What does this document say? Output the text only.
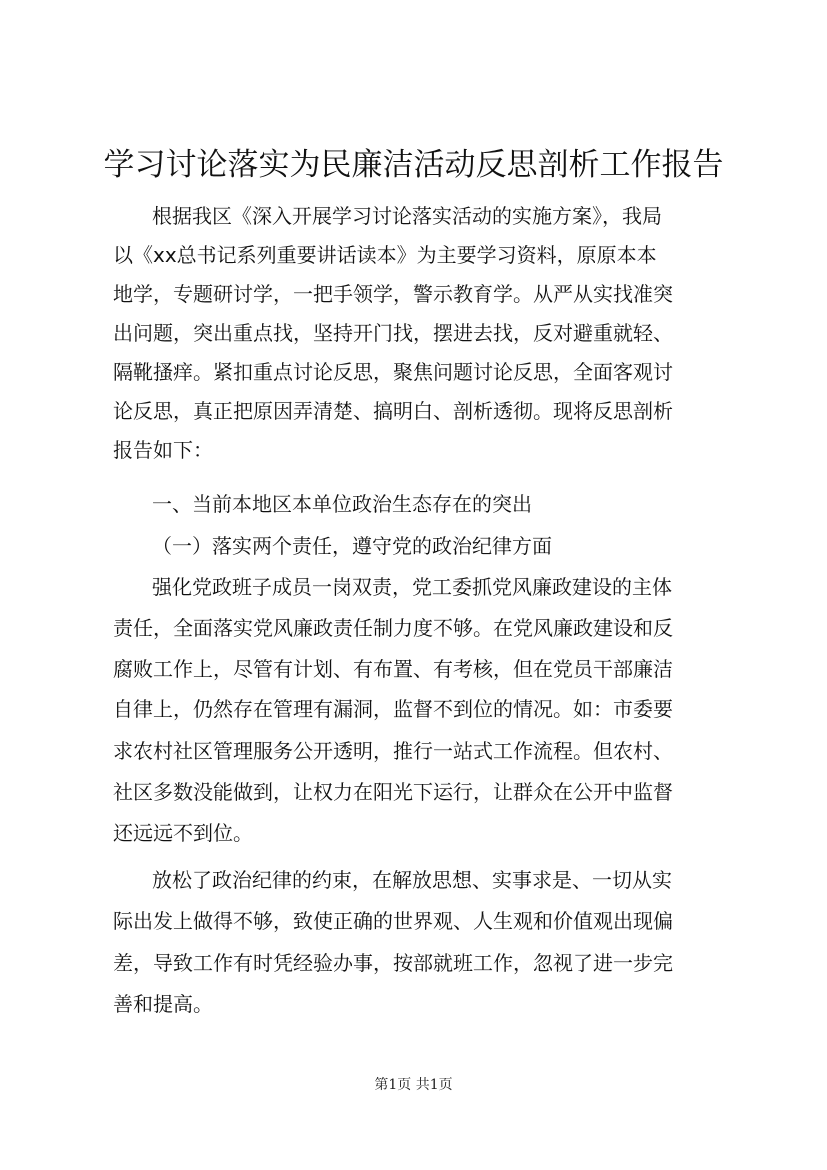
学习讨论落实为民廉洁活动反思剖析工作报告
根据我区《深入开展学习讨论落实活动的实施方案》，我局
以《xx总书记系列重要讲话读本》为主要学习资料，原原本本
地学，专题研讨学，一把手领学，警示教育学。从严从实找准突
出问题，突出重点找，坚持开门找，摆进去找，反对避重就轻、
隔靴搔痒。紧扣重点讨论反思，聚焦问题讨论反思，全面客观讨
论反思，真正把原因弄清楚、搞明白、剖析透彻。现将反思剖析
报告如下：
一、当前本地区本单位政治生态存在的突出
（一）落实两个责任，遵守党的政治纪律方面
强化党政班子成员一岗双责，党工委抓党风廉政建设的主体
责任，全面落实党风廉政责任制力度不够。在党风廉政建设和反
腐败工作上，尽管有计划、有布置、有考核，但在党员干部廉洁
自律上，仍然存在管理有漏洞，监督不到位的情况。如：市委要
求农村社区管理服务公开透明，推行一站式工作流程。但农村、
社区多数没能做到，让权力在阳光下运行，让群众在公开中监督
还远远不到位。
放松了政治纪律的约束，在解放思想、实事求是、一切从实
际出发上做得不够，致使正确的世界观、人生观和价值观出现偏
差，导致工作有时凭经验办事，按部就班工作，忽视了进一步完
善和提高。
第1页 共1页
